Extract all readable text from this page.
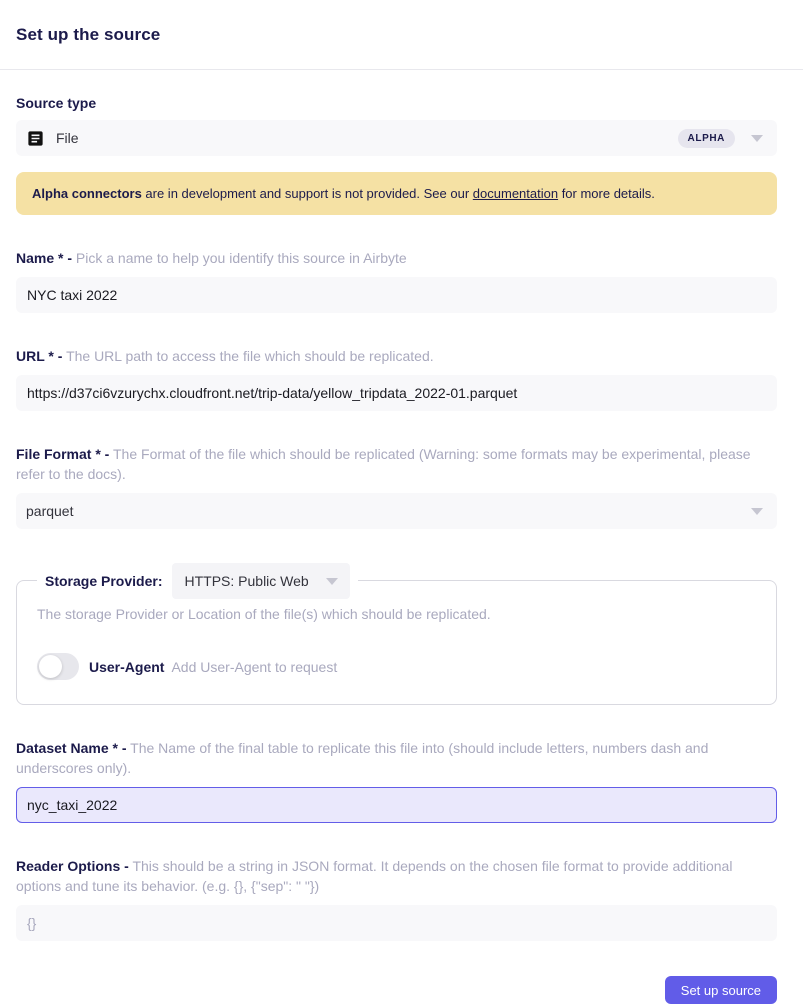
Set up the source
Source type
File	ALPHA
Alpha connectors are in development and support is not provided. See our documentation for more details.
Name * - Pick a name to help you identify this source in Airbyte
NYC taxi 2022
URL * - The URL path to access the file which should be replicated.
https://d37ci6vzurychx.cloudfront.net/trip-data/yellow_tripdata_2022-01.parquet
File Format * - The Format of the file which should be replicated (Warning: some formats may be experimental, please refer to the docs).
parquet
Storage Provider: HTTPS: Public Web
The storage Provider or Location of the file(s) which should be replicated.
User-Agent Add User-Agent to request
Dataset Name * - The Name of the final table to replicate this file into (should include letters, numbers dash and underscores only).
nyc_taxi_2022
Reader Options - This should be a string in JSON format. It depends on the chosen file format to provide additional options and tune its behavior. (e.g. {}, {"sep": " "})
{}
Set up source
